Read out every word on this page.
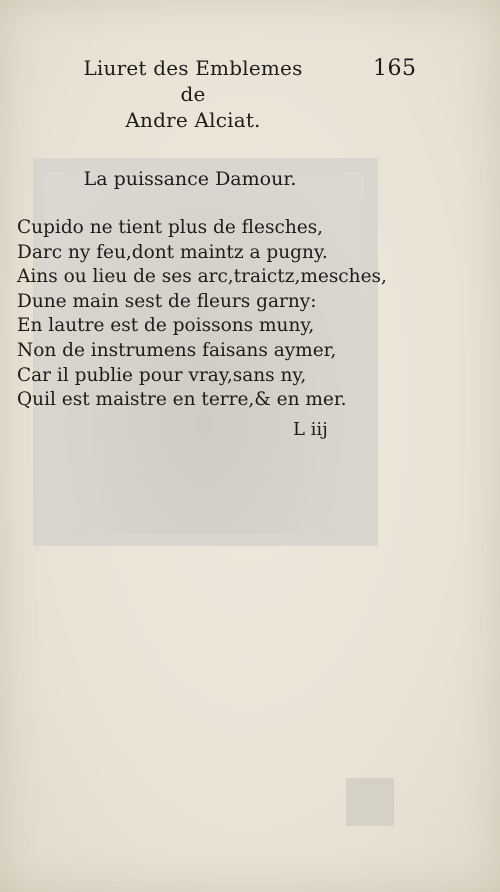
Liuret des Emblemes de
Andre Alciat.
165
La puissance Damour.
Cupido ne tient plus de flesches,
Darc ny feu,dont maintz a pugny.
Ains ou lieu de ses arc,traictz,mesches,
Dune main sest de fleurs garny:
En lautre est de poissons muny,
Non de instrumens faisans aymer,
Car il publie pour vray,sans ny,
Quil est maistre en terre,& en mer.
L iij
